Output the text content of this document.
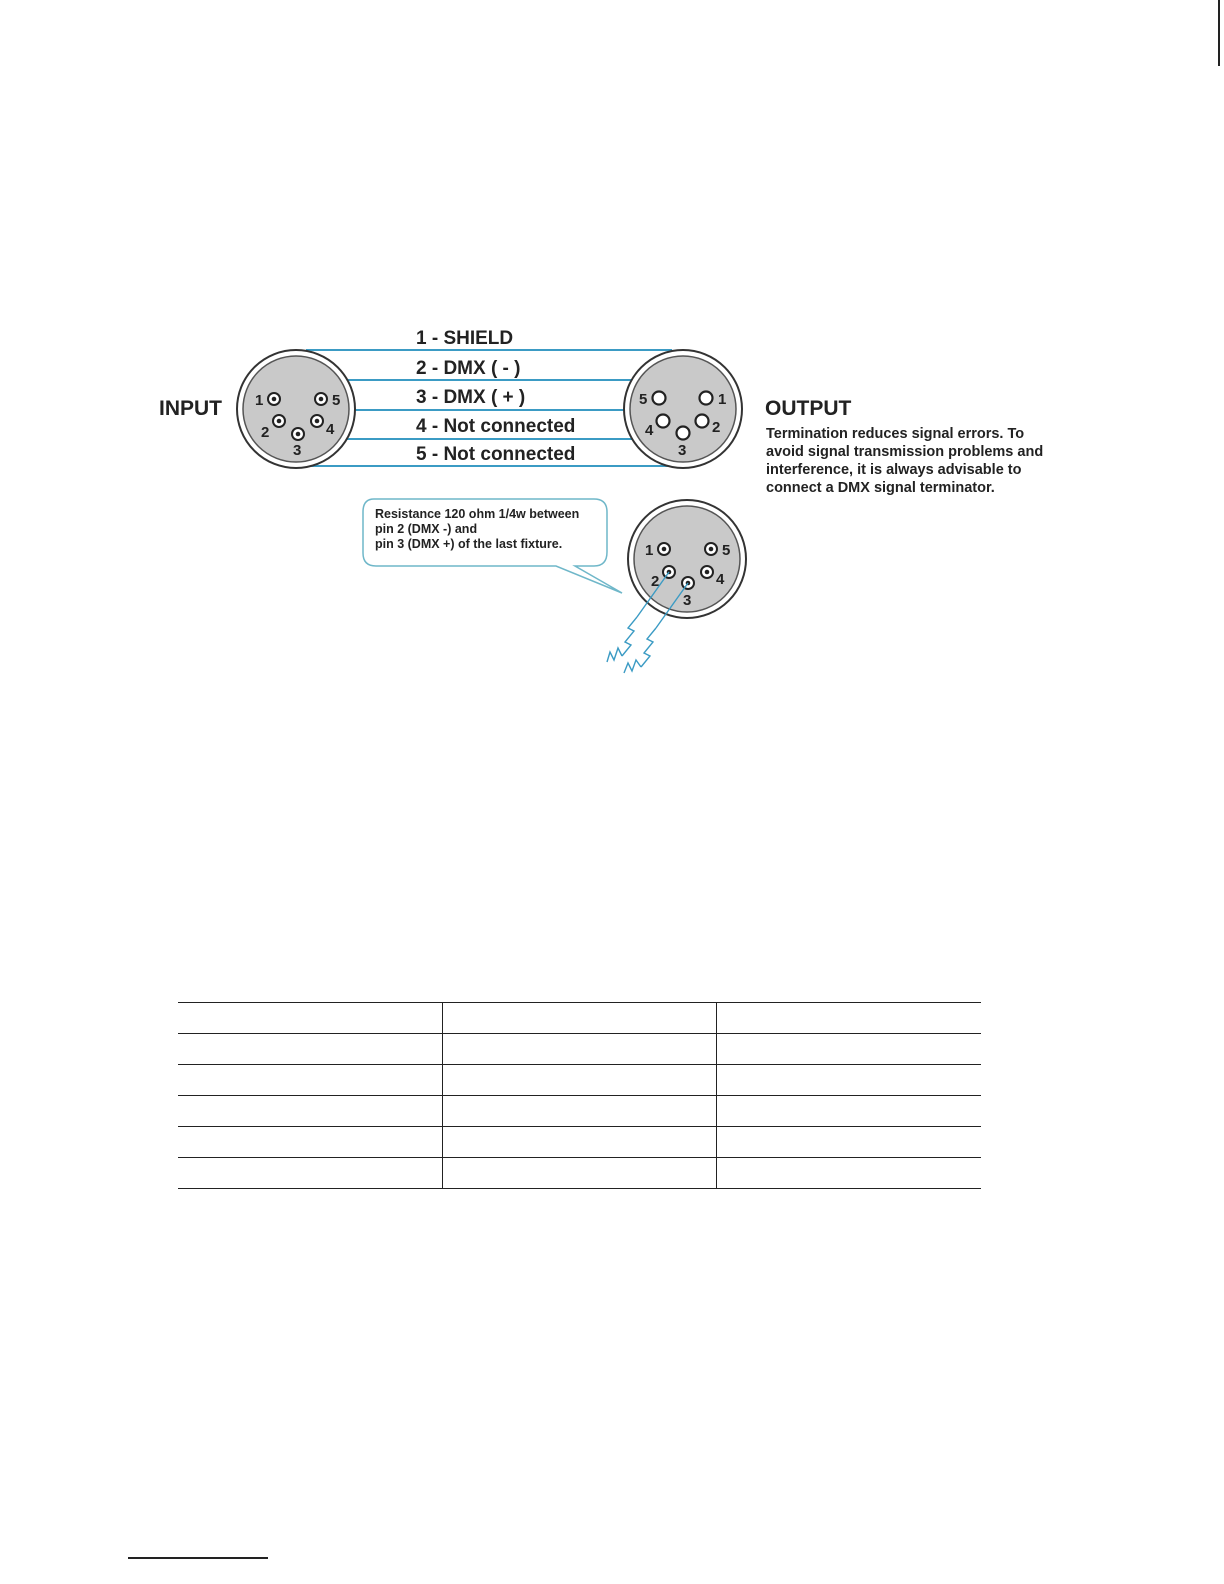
1 - SHIELD
2 - DMX ( - )
3 - DMX ( + )
4 - Not connected
5 - Not connected
1	5
2	4
3
INPUT	5	1
4	2
3
OUTPUT
Termination reduces signal errors. To
avoid signal transmission problems and
interference, it is always advisable to
connect a DMX signal terminator.
Resistance 120 ohm 1/4w between
pin 2 (DMX -) and
pin 3 (DMX +) of the last fixture.	1	5
2	4
3
